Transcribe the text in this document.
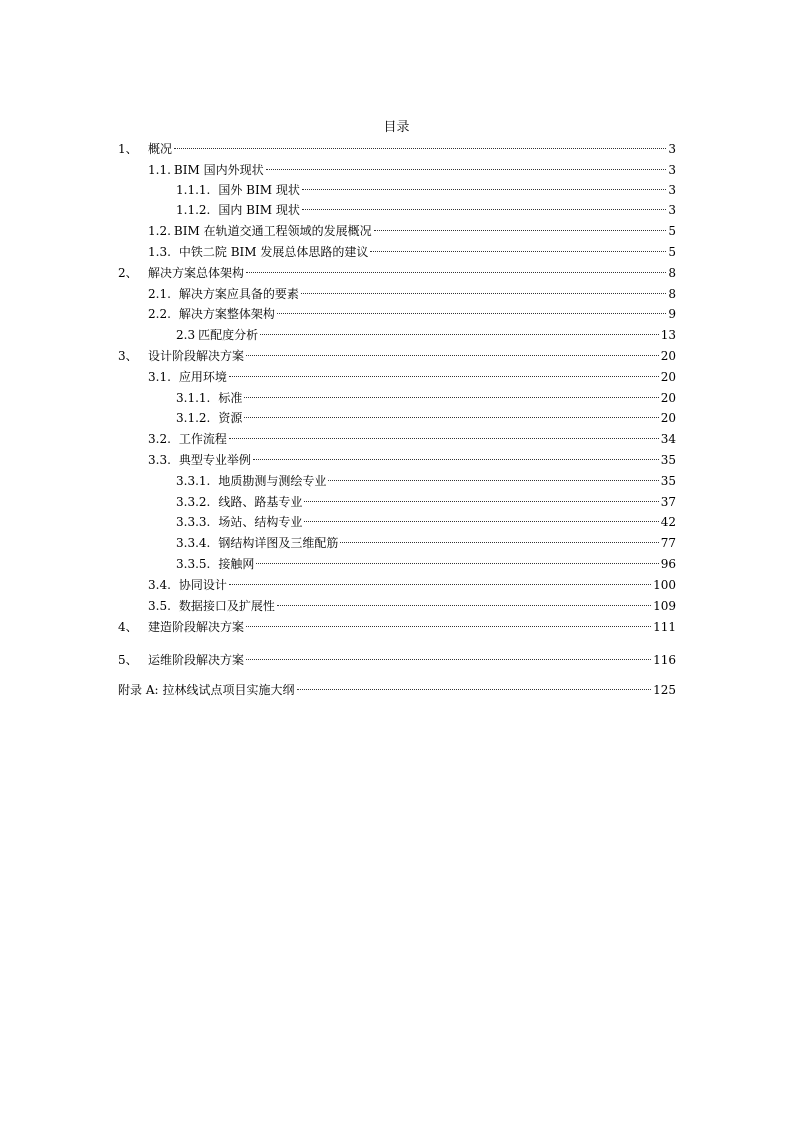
目录
1、 概况	3
1.1. BIM 国内外现状	3
1.1.1. 国外 BIM 现状	3
1.1.2. 国内 BIM 现状	3
1.2. BIM 在轨道交通工程领域的发展概况	5
1.3. 中铁二院 BIM 发展总体思路的建议	5
2、 解决方案总体架构	8
2.1. 解决方案应具备的要素	8
2.2. 解决方案整体架构	9
2.3 匹配度分析	13
3、 设计阶段解决方案	20
3.1. 应用环境	20
3.1.1. 标准	20
3.1.2. 资源	20
3.2. 工作流程	34
3.3. 典型专业举例	35
3.3.1. 地质勘测与测绘专业	35
3.3.2. 线路、路基专业	37
3.3.3. 场站、结构专业	42
3.3.4. 钢结构详图及三维配筋	77
3.3.5. 接触网	96
3.4. 协同设计	100
3.5. 数据接口及扩展性	109
4、 建造阶段解决方案	111
5、 运维阶段解决方案	116
附录 A: 拉林线试点项目实施大纲	125
